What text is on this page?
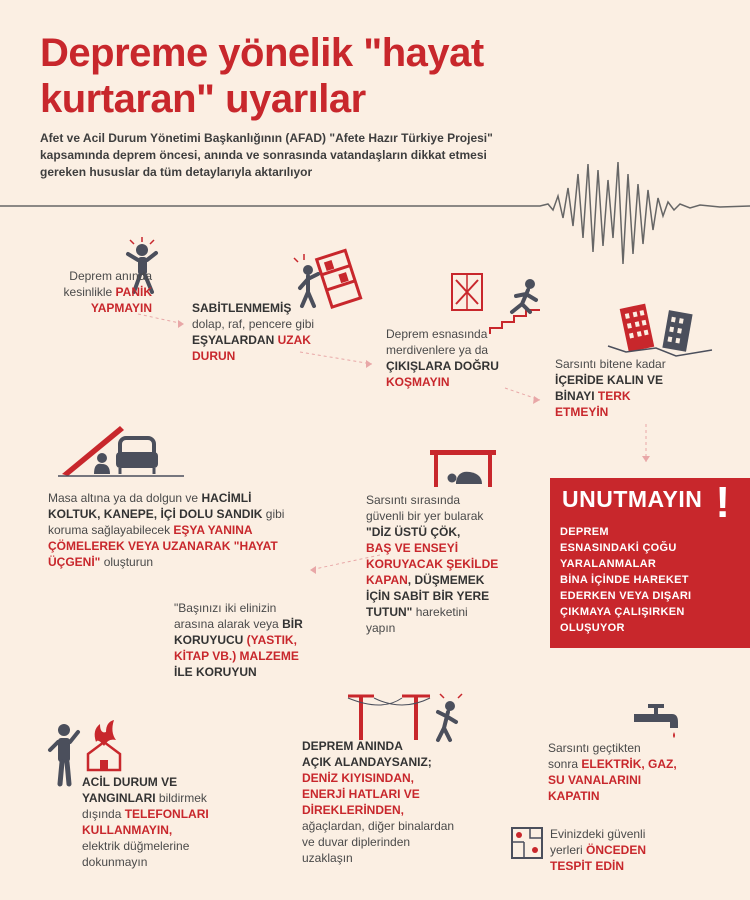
Depreme yönelik "hayat
kurtaran" uyarılar
Afet ve Acil Durum Yönetimi Başkanlığının (AFAD) "Afete Hazır Türkiye Projesi" kapsamında deprem öncesi, anında ve sonrasında vatandaşların dikkat etmesi gereken hususlar da tüm detaylarıyla aktarılıyor
Deprem anında
kesinlikle PANİK
YAPMAYIN	SABİTLENMEMİŞ
dolap, raf, pencere gibi
EŞYALARDAN UZAK
DURUN
Deprem esnasında
merdivenlere ya da
ÇIKIŞLARA DOĞRU
KOŞMAYIN
Sarsıntı bitene kadar
İÇERİDE KALIN VE
BİNAYI TERK
ETMEYİN
Masa altına ya da dolgun ve HACİMLİ
KOLTUK, KANEPE, İÇİ DOLU SANDIK gibi
koruma sağlayabilecek EŞYA YANINA
ÇÖMELEREK VEYA UZANARAK "HAYAT
ÜÇGENİ" oluşturun
Sarsıntı sırasında
güvenli bir yer bularak
"DİZ ÜSTÜ ÇÖK,
BAŞ VE ENSEYİ
KORUYACAK ŞEKİLDE
KAPAN, DÜŞMEMEK
İÇİN SABİT BİR YERE
TUTUN" hareketini
yapın
"Başınızı iki elinizin
arasına alarak veya BİR
KORUYUCU (YASTIK,
KİTAP VB.) MALZEME
İLE KORUYUN
UNUTMAYIN !
DEPREM
ESNASINDAKİ ÇOĞU
YARALANMALAR
BİNA İÇİNDE HAREKET
EDERKEN VEYA DIŞARI
ÇIKMAYA ÇALIŞIRKEN
OLUŞUYOR
ACİL DURUM VE
YANGINLARI bildirmek
dışında TELEFONLARI
KULLANMAYIN,
elektrik düğmelerine
dokunmayın
DEPREM ANINDA
AÇIK ALANDAYSANIZ;
DENİZ KIYISINDAN,
ENERJİ HATLARI VE
DİREKLERİNDEN,
ağaçlardan, diğer binalardan
ve duvar diplerinden
uzaklaşın
Sarsıntı geçtikten
sonra ELEKTRİK, GAZ,
SU VANALARINI
KAPATIN
Evinizdeki güvenli
yerleri ÖNCEDEN
TESPİT EDİN
